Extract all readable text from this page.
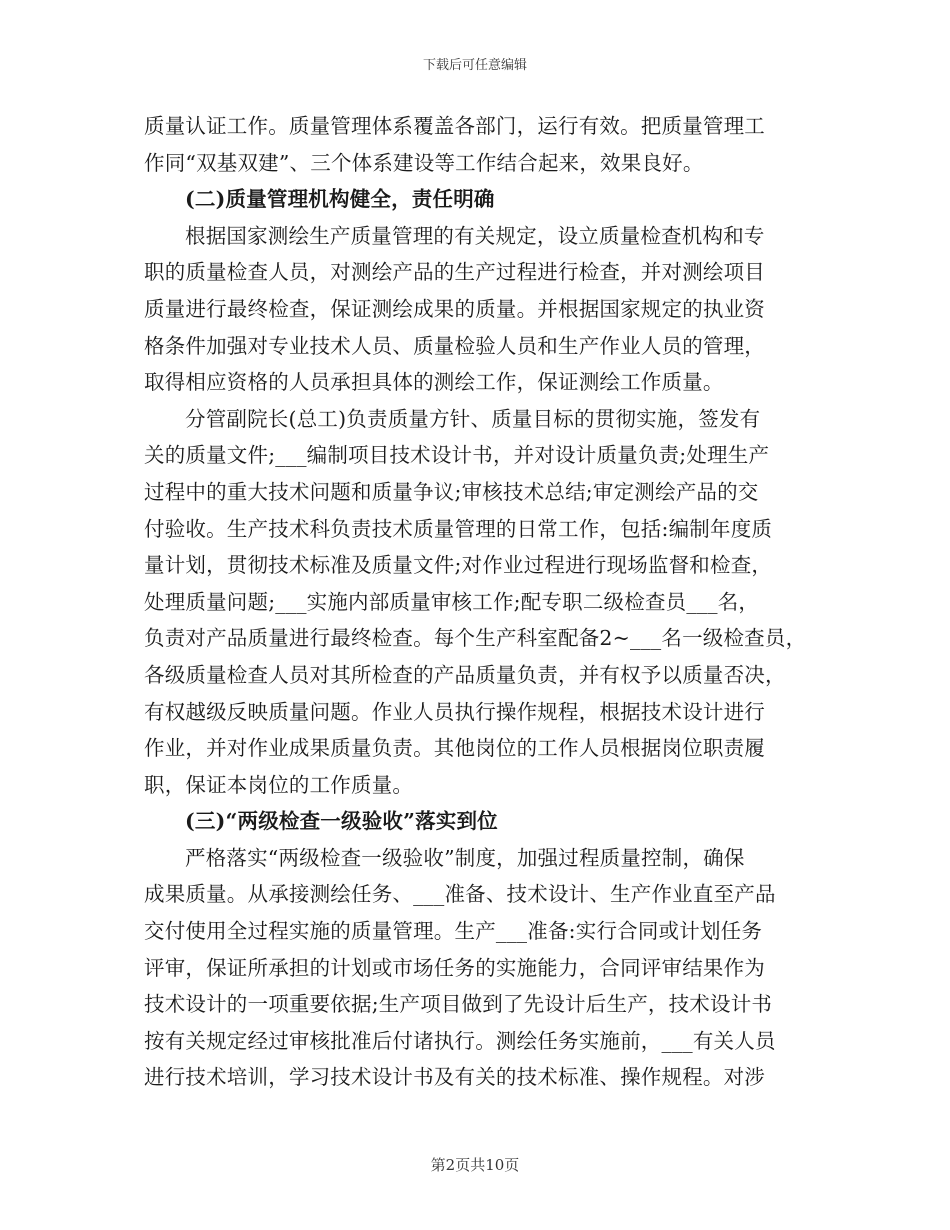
下载后可任意编辑
质量认证工作。质量管理体系覆盖各部门，运行有效。把质量管理工
作同“双基双建”、三个体系建设等工作结合起来，效果良好。
(二)质量管理机构健全，责任明确
根据国家测绘生产质量管理的有关规定，设立质量检查机构和专
职的质量检查人员，对测绘产品的生产过程进行检查，并对测绘项目
质量进行最终检查，保证测绘成果的质量。并根据国家规定的执业资
格条件加强对专业技术人员、质量检验人员和生产作业人员的管理，
取得相应资格的人员承担具体的测绘工作，保证测绘工作质量。
分管副院长(总工)负责质量方针、质量目标的贯彻实施，签发有
关的质量文件;___编制项目技术设计书，并对设计质量负责;处理生产
过程中的重大技术问题和质量争议;审核技术总结;审定测绘产品的交
付验收。生产技术科负责技术质量管理的日常工作，包括:编制年度质
量计划，贯彻技术标准及质量文件;对作业过程进行现场监督和检查，
处理质量问题;___实施内部质量审核工作;配专职二级检查员___名，
负责对产品质量进行最终检查。每个生产科室配备2~___名一级检查员，
各级质量检查人员对其所检查的产品质量负责，并有权予以质量否决，
有权越级反映质量问题。作业人员执行操作规程，根据技术设计进行
作业，并对作业成果质量负责。其他岗位的工作人员根据岗位职责履
职，保证本岗位的工作质量。
(三)“两级检查一级验收”落实到位
严格落实“两级检查一级验收”制度，加强过程质量控制，确保
成果质量。从承接测绘任务、___准备、技术设计、生产作业直至产品
交付使用全过程实施的质量管理。生产___准备:实行合同或计划任务
评审，保证所承担的计划或市场任务的实施能力，合同评审结果作为
技术设计的一项重要依据;生产项目做到了先设计后生产，技术设计书
按有关规定经过审核批准后付诸执行。测绘任务实施前，___有关人员
进行技术培训，学习技术设计书及有关的技术标准、操作规程。对涉
第2页共10页
